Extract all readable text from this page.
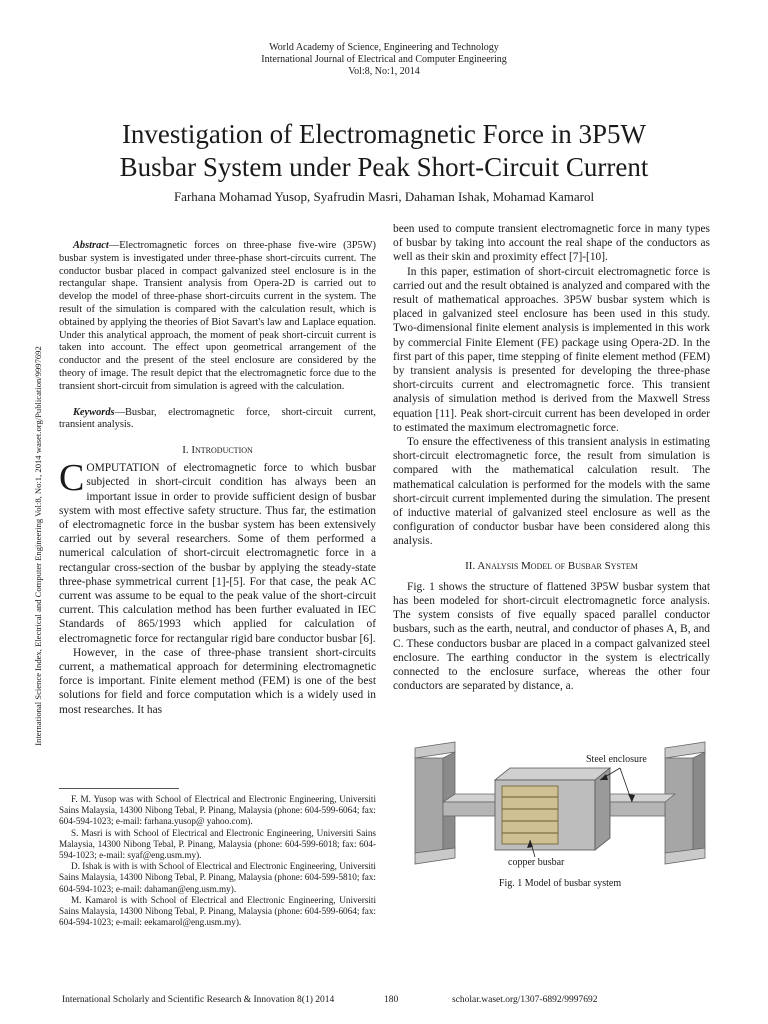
World Academy of Science, Engineering and Technology
International Journal of Electrical and Computer Engineering
Vol:8, No:1, 2014
Investigation of Electromagnetic Force in 3P5W
Busbar System under Peak Short-Circuit Current
Farhana Mohamad Yusop, Syafrudin Masri, Dahaman Ishak, Mohamad Kamarol
International Science Index, Electrical and Computer Engineering Vol:8, No:1, 2014 waset.org/Publication/9997692
Abstract—Electromagnetic forces on three-phase five-wire (3P5W) busbar system is investigated under three-phase short-circuits current. The conductor busbar placed in compact galvanized steel enclosure is in the rectangular shape. Transient analysis from Opera-2D is carried out to develop the model of three-phase short-circuits current in the system. The result of the simulation is compared with the calculation result, which is obtained by applying the theories of Biot Savart's law and Laplace equation. Under this analytical approach, the moment of peak short-circuit current is taken into account. The effect upon geometrical arrangement of the conductor and the present of the steel enclosure are considered by the theory of image. The result depict that the electromagnetic force due to the transient short-circuit from simulation is agreed with the calculation.
Keywords—Busbar, electromagnetic force, short-circuit current, transient analysis.
I. Introduction

COMPUTATION of electromagnetic force to which busbar subjected in short-circuit condition has always been an important issue in order to provide sufficient design of busbar system with most effective safety structure. Thus far, the estimation of electromagnetic force in the busbar system has been extensively carried out by several researchers. Some of them performed a numerical calculation of short-circuit electromagnetic force in a rectangular cross-section of the busbar by applying the steady-state three-phase symmetrical current [1]-[5]. For that case, the peak AC current was assume to be equal to the peak value of the short-circuit current. This calculation method has been further evaluated in IEC Standards of 865/1993 which applied for calculation of electromagnetic force for rectangular rigid bare conductor busbar [6].

However, in the case of three-phase transient short-circuits current, a mathematical approach for determining electromagnetic force is important. Finite element method (FEM) is one of the best solutions for field and force computation which is a widely used in most researches. It has

F. M. Yusop was with School of Electrical and Electronic Engineering, Universiti Sains Malaysia, 14300 Nibong Tebal, P. Pinang, Malaysia (phone: 604-599-6064; fax: 604-594-1023; e-mail: farhana.yusop@ yahoo.com).

S. Masri is with School of Electrical and Electronic Engineering, Universiti Sains Malaysia, 14300 Nibong Tebal, P. Pinang, Malaysia (phone: 604-599-6018; fax: 604-594-1023; e-mail: syaf@eng.usm.my).

D. Ishak is with is with School of Electrical and Electronic Engineering, Universiti Sains Malaysia, 14300 Nibong Tebal, P. Pinang, Malaysia (phone: 604-599-5810; fax: 604-594-1023; e-mail: dahaman@eng.usm.my).

M. Kamarol is with School of Electrical and Electronic Engineering, Universiti Sains Malaysia, 14300 Nibong Tebal, P. Pinang, Malaysia (phone: 604-599-6064; fax: 604-594-1023; e-mail: eekamarol@eng.usm.my).

been used to compute transient electromagnetic force in many types of busbar by taking into account the real shape of the conductors as well as their skin and proximity effect [7]-[10].

In this paper, estimation of short-circuit electromagnetic force is carried out and the result obtained is analyzed and compared with the result of mathematical approaches. 3P5W busbar system which is placed in galvanized steel enclosure has been used in this study. Two-dimensional finite element analysis is implemented in this work by commercial Finite Element (FE) package using Opera-2D. In the first part of this paper, time stepping of finite element method (FEM) by transient analysis is presented for developing the three-phase short-circuits current and electromagnetic force. This transient analysis of simulation method is derived from the Maxwell Stress equation [11]. Peak short-circuit current has been developed in order to estimated the maximum electromagnetic force.

To ensure the effectiveness of this transient analysis in estimating short-circuit electromagnetic force, the result from simulation is compared with the mathematical calculation result. The mathematical calculation is performed for the models with the same short-circuit current implemented during the simulation. The present of inductive material of galvanized steel enclosure as well as the configuration of conductor busbar have been considered along this analysis.

II. Analysis Model of Busbar System

Fig. 1 shows the structure of flattened 3P5W busbar system that has been modeled for short-circuit electromagnetic force analysis. The system consists of five equally spaced parallel conductor busbars, such as the earth, neutral, and conductor of phases A, B, and C. These conductors busbar are placed in a compact galvanized steel enclosure. The earthing conductor in the system is electrically connected to the enclosure surface, whereas the other four conductors are separated by distance, a.

Steel enclosure
copper busbar
Fig. 1 Model of busbar system
International Scholarly and Scientific Research & Innovation 8(1) 2014	180	scholar.waset.org/1307-6892/9997692
